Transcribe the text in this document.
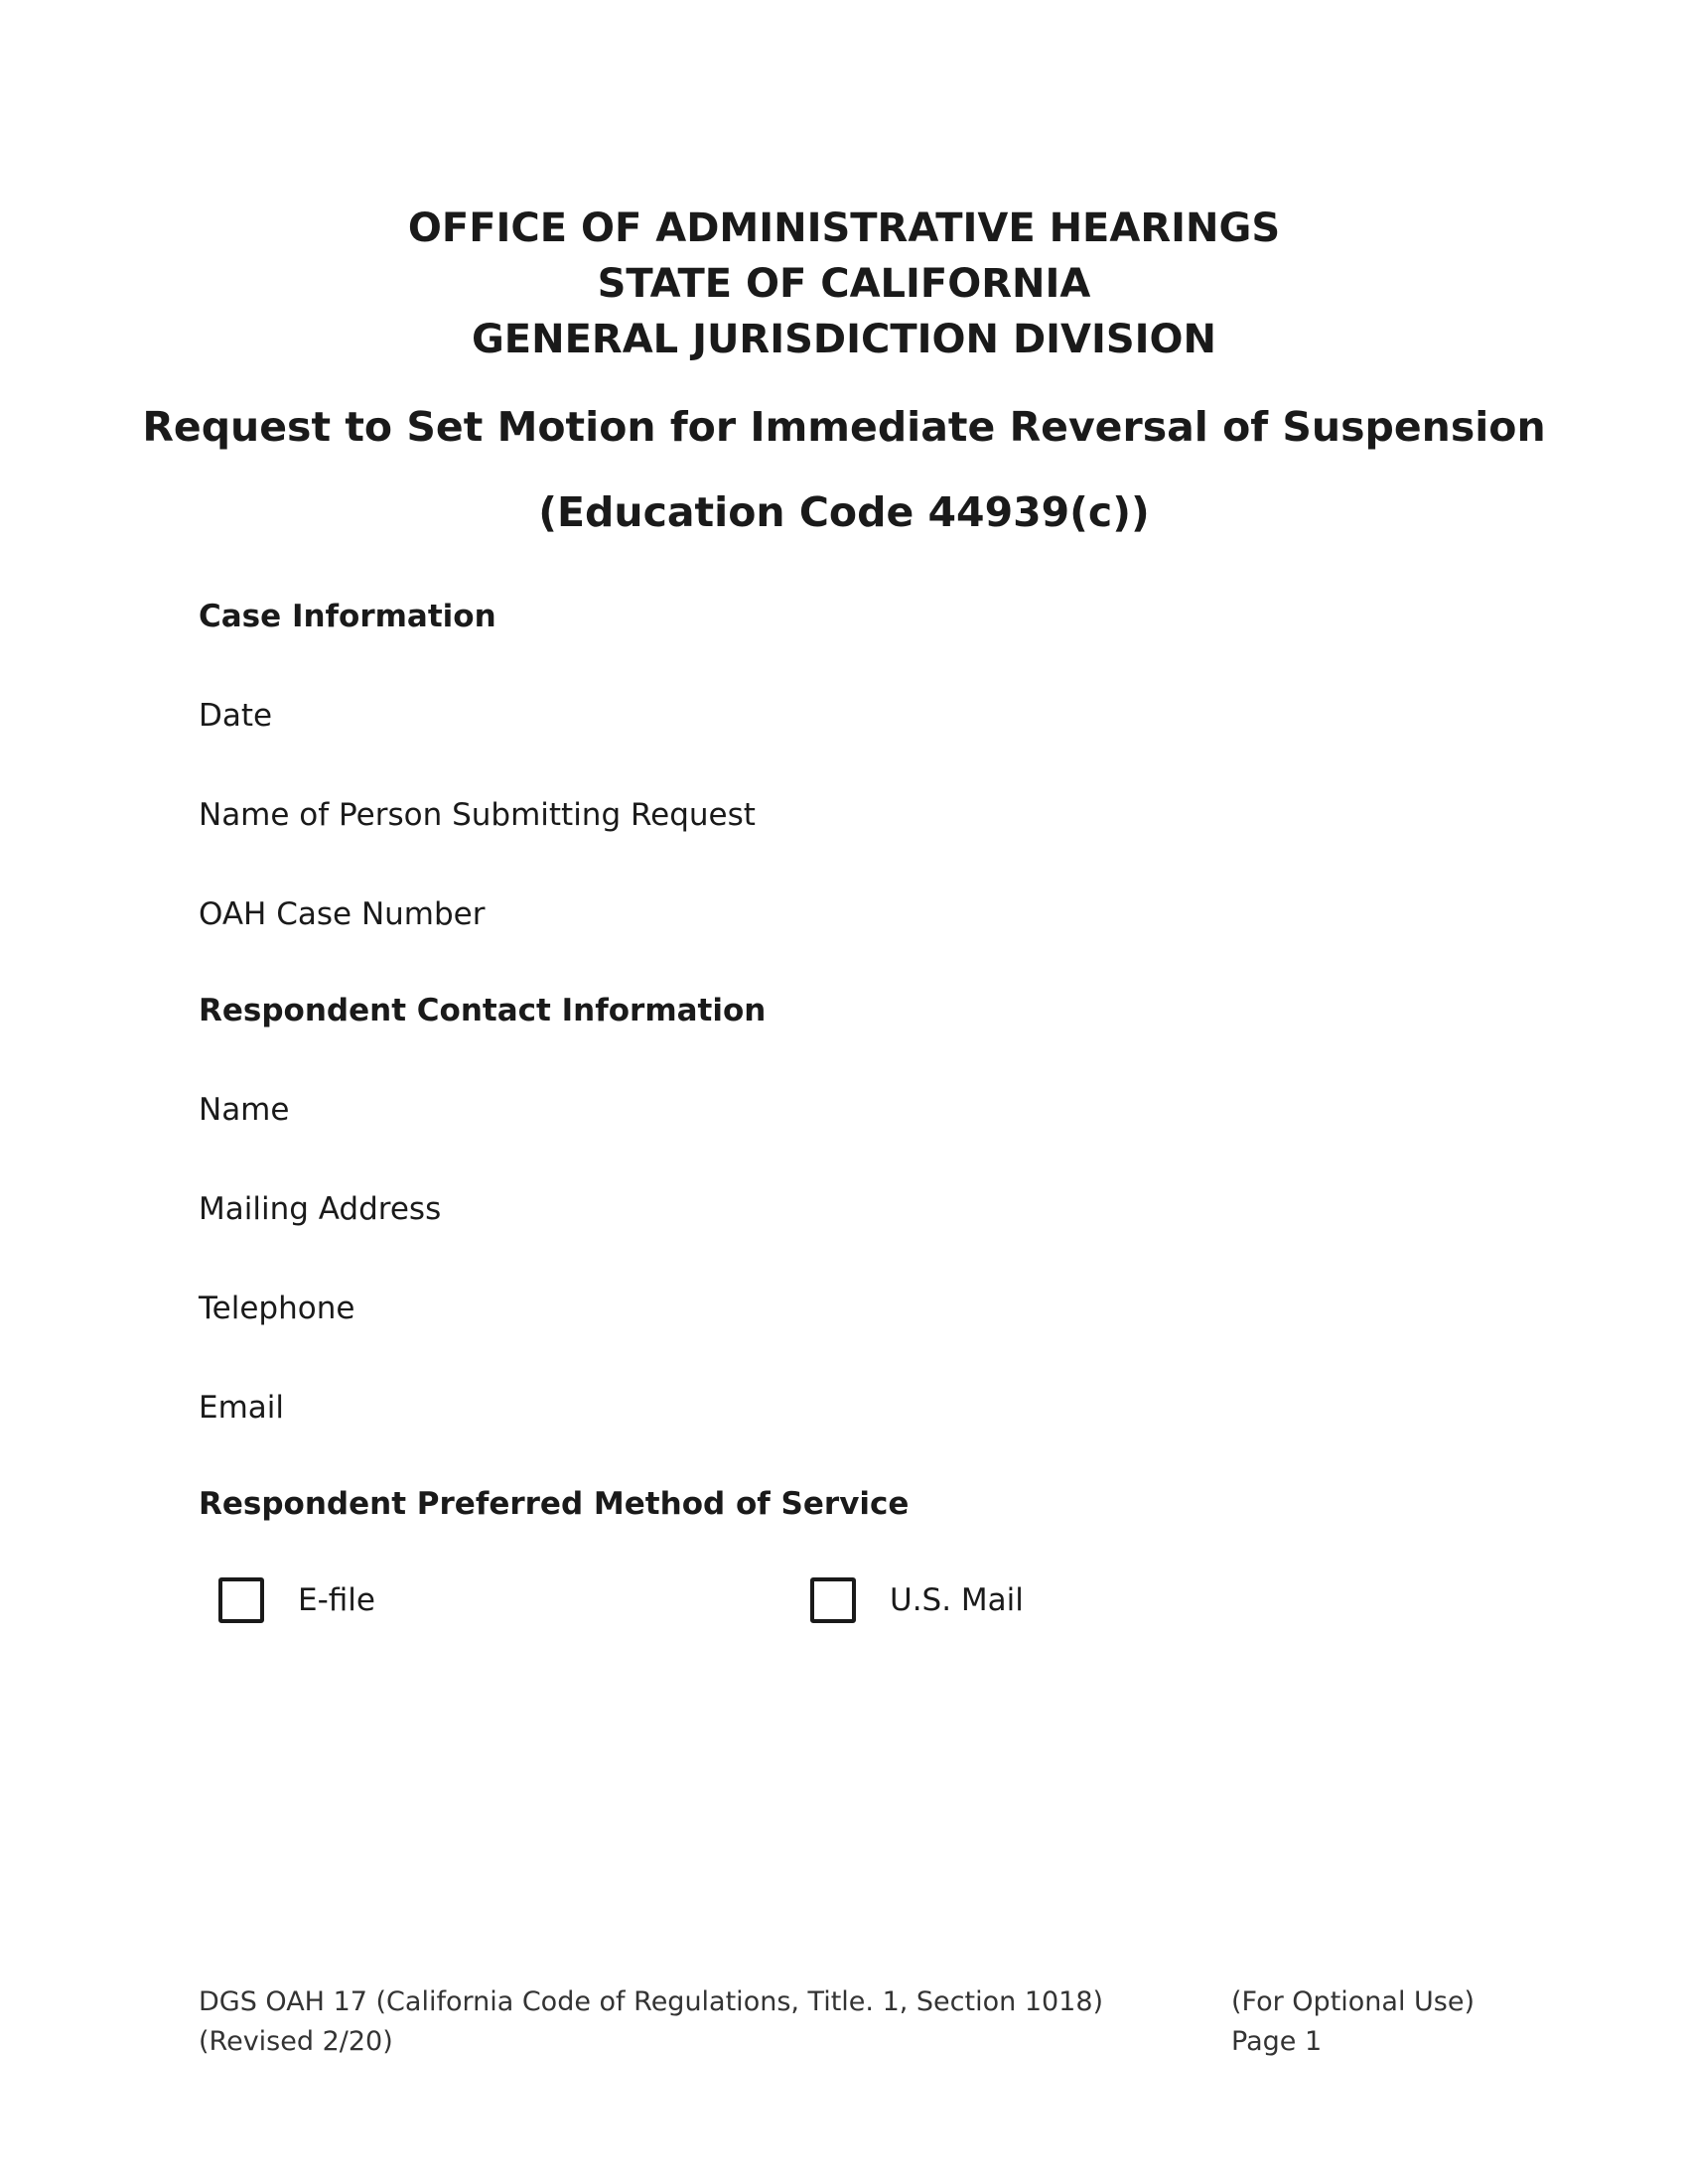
OFFICE OF ADMINISTRATIVE HEARINGS
STATE OF CALIFORNIA
GENERAL JURISDICTION DIVISION
Request to Set Motion for Immediate Reversal of Suspension
(Education Code 44939(c))
Case Information
Date
Name of Person Submitting Request
OAH Case Number
Respondent Contact Information
Name
Mailing Address
Telephone
Email
Respondent Preferred Method of Service
E-file	U.S. Mail
DGS OAH 17 (California Code of Regulations, Title. 1, Section 1018)
(Revised 2/20)
(For Optional Use)
Page 1
